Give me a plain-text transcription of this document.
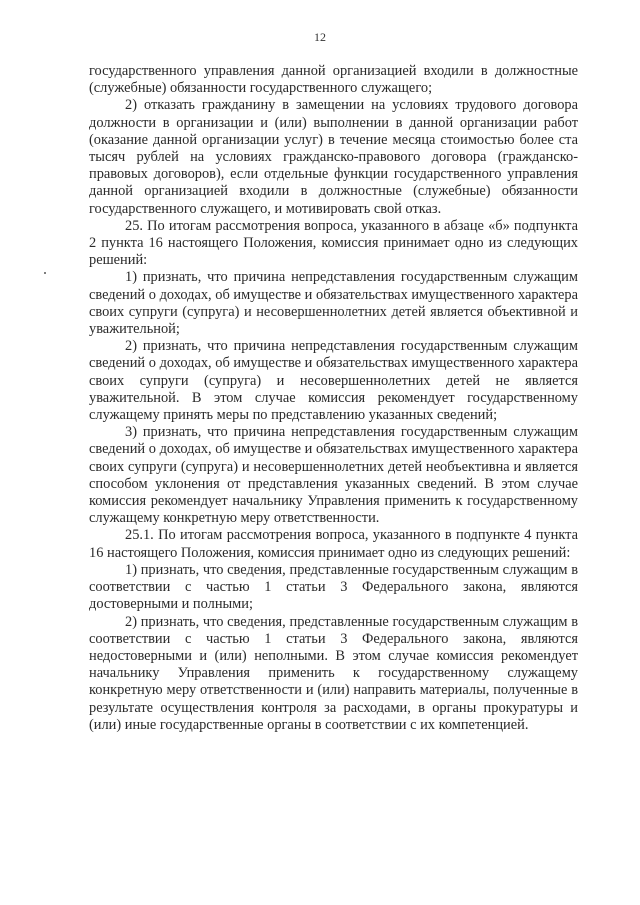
12

государственного управления данной организацией входили в должностные (служебные) обязанности государственного служащего;

2) отказать гражданину в замещении на условиях трудового договора должности в организации и (или) выполнении в данной организации работ (оказание данной организации услуг) в течение месяца стоимостью более ста тысяч рублей на условиях гражданско-правового договора (гражданско-правовых договоров), если отдельные функции государственного управления данной организацией входили в должностные (служебные) обязанности государственного служащего, и мотивировать свой отказ.

25. По итогам рассмотрения вопроса, указанного в абзаце «б» подпункта 2 пункта 16 настоящего Положения, комиссия принимает одно из следующих решений:

1) признать, что причина непредставления государственным служащим сведений о доходах, об имуществе и обязательствах имущественного характера своих супруги (супруга) и несовершеннолетних детей является объективной и уважительной;

2) признать, что причина непредставления государственным служащим сведений о доходах, об имуществе и обязательствах имущественного характера своих супруги (супруга) и несовершеннолетних детей не является уважительной. В этом случае комиссия рекомендует государственному служащему принять меры по представлению указанных сведений;

3) признать, что причина непредставления государственным служащим сведений о доходах, об имуществе и обязательствах имущественного характера своих супруги (супруга) и несовершеннолетних детей необъективна и является способом уклонения от представления указанных сведений. В этом случае комиссия рекомендует начальнику Управления применить к государственному служащему конкретную меру ответственности.

25.1. По итогам рассмотрения вопроса, указанного в подпункте 4 пункта 16 настоящего Положения, комиссия принимает одно из следующих решений:

1) признать, что сведения, представленные государственным служащим в соответствии с частью 1 статьи 3 Федерального закона, являются достоверными и полными;

2) признать, что сведения, представленные государственным служащим в соответствии с частью 1 статьи 3 Федерального закона, являются недостоверными и (или) неполными. В этом случае комиссия рекомендует начальнику Управления применить к государственному служащему конкретную меру ответственности и (или) направить материалы, полученные в результате осуществления контроля за расходами, в органы прокуратуры и (или) иные государственные органы в соответствии с их компетенцией.
